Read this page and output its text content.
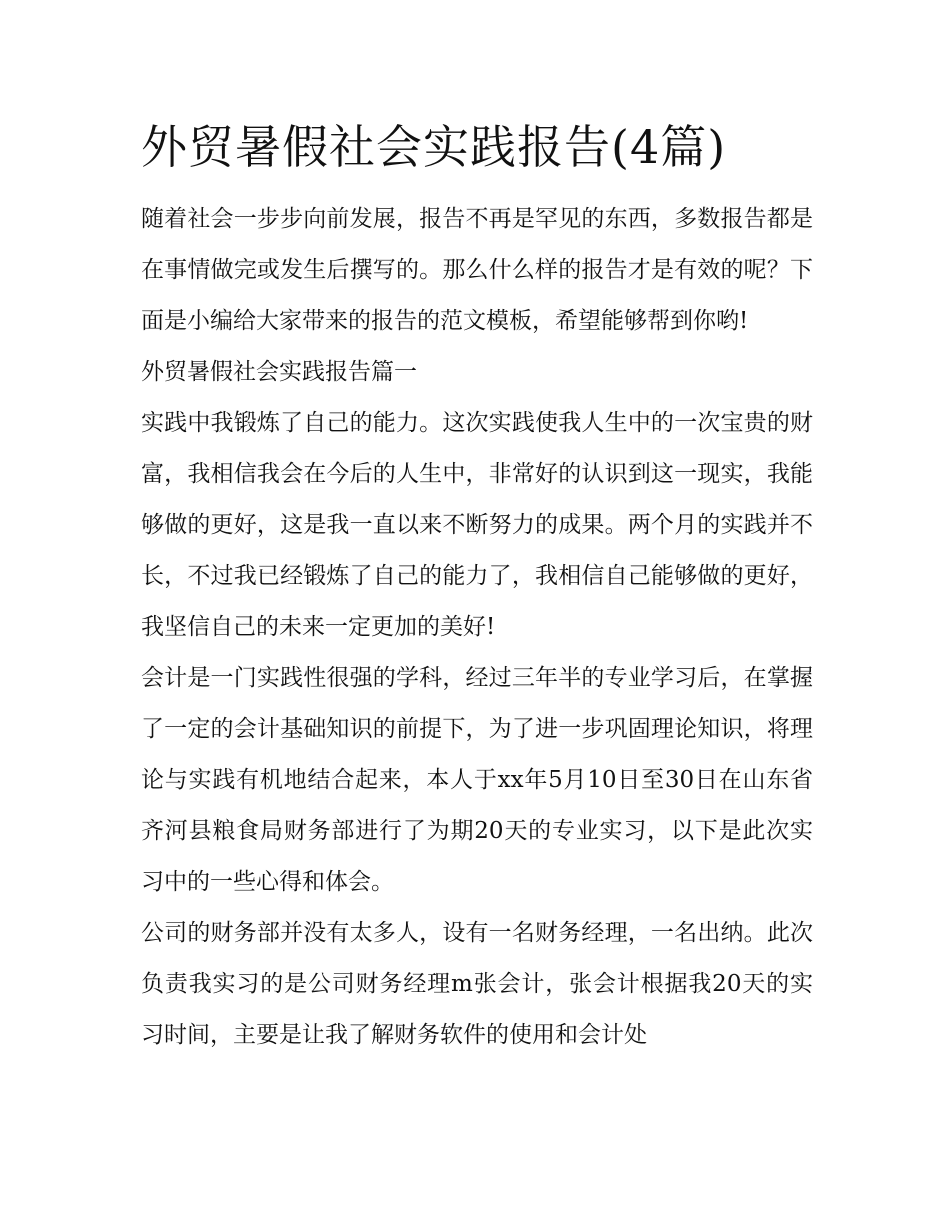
外贸暑假社会实践报告(4篇)

随着社会一步步向前发展，报告不再是罕见的东西，多数报告都是在事情做完或发生后撰写的。那么什么样的报告才是有效的呢？下面是小编给大家带来的报告的范文模板，希望能够帮到你哟!

外贸暑假社会实践报告篇一

实践中我锻炼了自己的能力。这次实践使我人生中的一次宝贵的财富，我相信我会在今后的人生中，非常好的认识到这一现实，我能够做的更好，这是我一直以来不断努力的成果。两个月的实践并不长，不过我已经锻炼了自己的能力了，我相信自己能够做的更好，我坚信自己的未来一定更加的美好!

会计是一门实践性很强的学科，经过三年半的专业学习后，在掌握了一定的会计基础知识的前提下，为了进一步巩固理论知识，将理论与实践有机地结合起来，本人于xx年5月10日至30日在山东省齐河县粮食局财务部进行了为期20天的专业实习，以下是此次实习中的一些心得和体会。

公司的财务部并没有太多人，设有一名财务经理，一名出纳。此次负责我实习的是公司财务经理m张会计，张会计根据我20天的实习时间，主要是让我了解财务软件的使用和会计处
